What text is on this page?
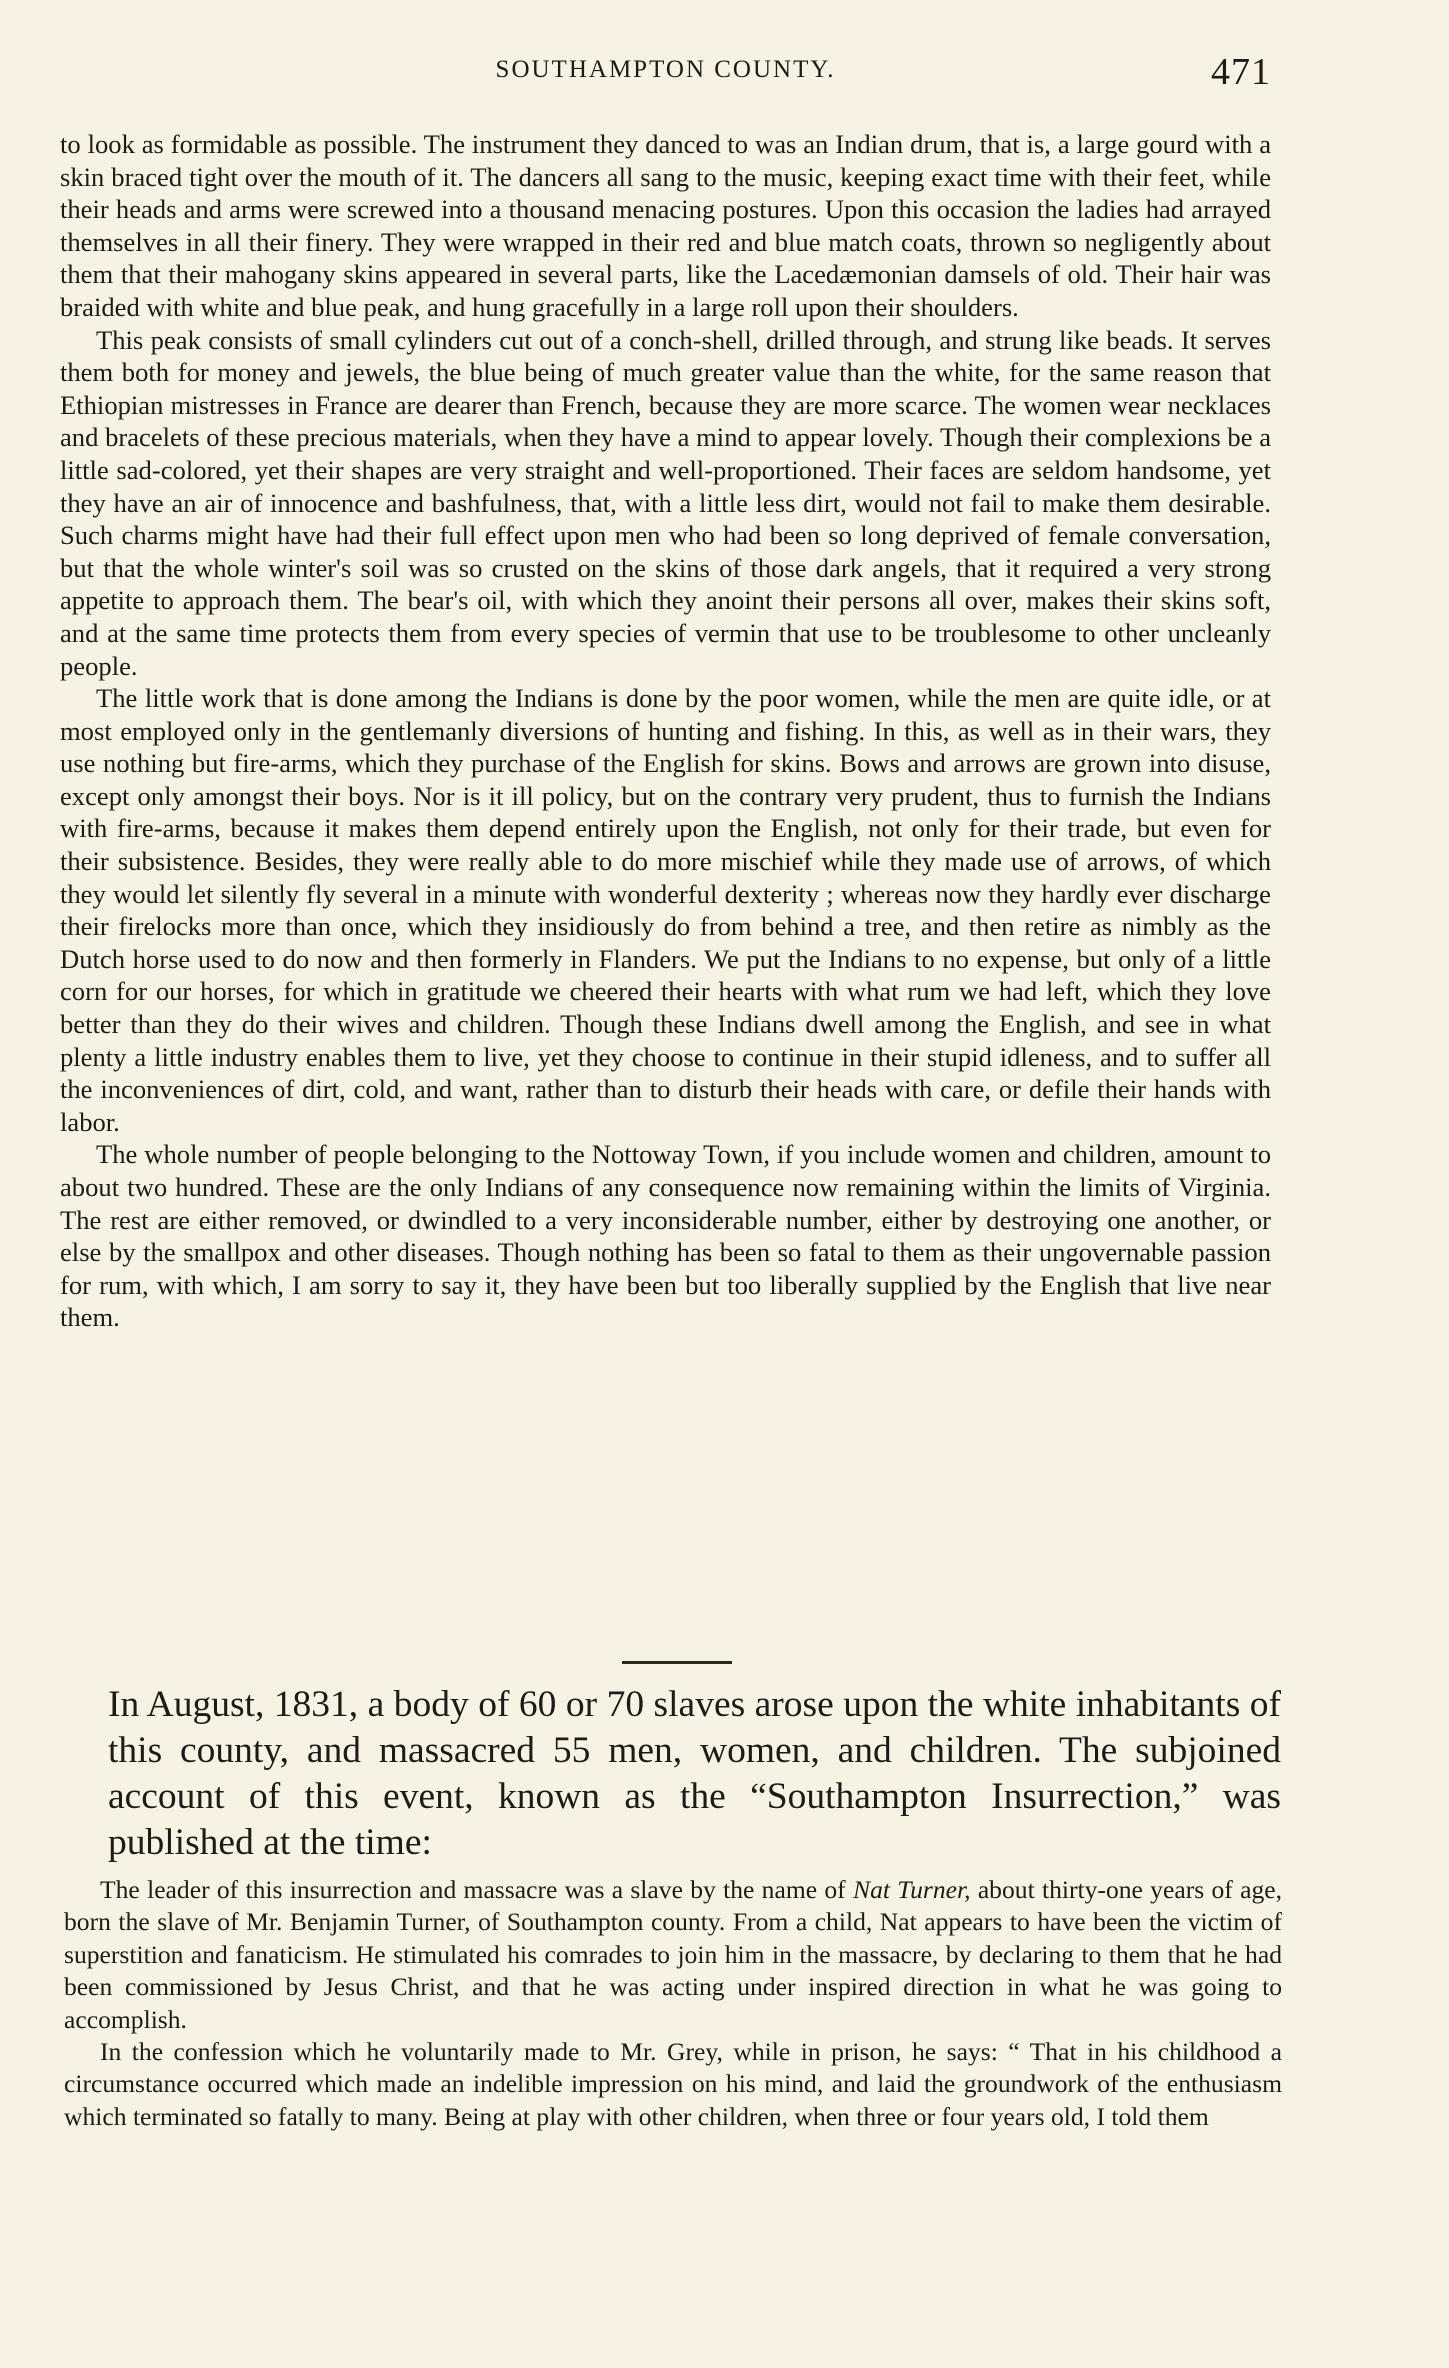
SOUTHAMPTON COUNTY.	471

to look as formidable as possible. The instrument they danced to was an Indian drum, that is, a large gourd with a skin braced tight over the mouth of it. The dancers all sang to the music, keeping exact time with their feet, while their heads and arms were screwed into a thousand menacing postures. Upon this occasion the ladies had arrayed themselves in all their finery. They were wrapped in their red and blue match coats, thrown so negligently about them that their mahogany skins appeared in several parts, like the Lacedæmonian damsels of old. Their hair was braided with white and blue peak, and hung gracefully in a large roll upon their shoulders.

This peak consists of small cylinders cut out of a conch-shell, drilled through, and strung like beads. It serves them both for money and jewels, the blue being of much greater value than the white, for the same reason that Ethiopian mistresses in France are dearer than French, because they are more scarce. The women wear necklaces and bracelets of these precious materials, when they have a mind to appear lovely. Though their complexions be a little sad-colored, yet their shapes are very straight and well-proportioned. Their faces are seldom handsome, yet they have an air of innocence and bashfulness, that, with a little less dirt, would not fail to make them desirable. Such charms might have had their full effect upon men who had been so long deprived of female conversation, but that the whole winter's soil was so crusted on the skins of those dark angels, that it required a very strong appetite to approach them. The bear's oil, with which they anoint their persons all over, makes their skins soft, and at the same time protects them from every species of vermin that use to be troublesome to other uncleanly people.

The little work that is done among the Indians is done by the poor women, while the men are quite idle, or at most employed only in the gentlemanly diversions of hunting and fishing. In this, as well as in their wars, they use nothing but fire-arms, which they purchase of the English for skins. Bows and arrows are grown into disuse, except only amongst their boys. Nor is it ill policy, but on the contrary very prudent, thus to furnish the Indians with fire-arms, because it makes them depend entirely upon the English, not only for their trade, but even for their subsistence. Besides, they were really able to do more mischief while they made use of arrows, of which they would let silently fly several in a minute with wonderful dexterity ; whereas now they hardly ever discharge their firelocks more than once, which they insidiously do from behind a tree, and then retire as nimbly as the Dutch horse used to do now and then formerly in Flanders. We put the Indians to no expense, but only of a little corn for our horses, for which in gratitude we cheered their hearts with what rum we had left, which they love better than they do their wives and children. Though these Indians dwell among the English, and see in what plenty a little industry enables them to live, yet they choose to continue in their stupid idleness, and to suffer all the inconveniences of dirt, cold, and want, rather than to disturb their heads with care, or defile their hands with labor.

The whole number of people belonging to the Nottoway Town, if you include women and children, amount to about two hundred. These are the only Indians of any consequence now remaining within the limits of Virginia. The rest are either removed, or dwindled to a very inconsiderable number, either by destroying one another, or else by the smallpox and other diseases. Though nothing has been so fatal to them as their ungovernable passion for rum, with which, I am sorry to say it, they have been but too liberally supplied by the English that live near them.

In August, 1831, a body of 60 or 70 slaves arose upon the white inhabitants of this county, and massacred 55 men, women, and children. The subjoined account of this event, known as the “Southampton Insurrection,” was published at the time:

The leader of this insurrection and massacre was a slave by the name of Nat Turner, about thirty-one years of age, born the slave of Mr. Benjamin Turner, of Southampton county. From a child, Nat appears to have been the victim of superstition and fanaticism. He stimulated his comrades to join him in the massacre, by declaring to them that he had been commissioned by Jesus Christ, and that he was acting under inspired direction in what he was going to accomplish.

In the confession which he voluntarily made to Mr. Grey, while in prison, he says: “ That in his childhood a circumstance occurred which made an indelible impression on his mind, and laid the groundwork of the enthusiasm which terminated so fatally to many. Being at play with other children, when three or four years old, I told them
